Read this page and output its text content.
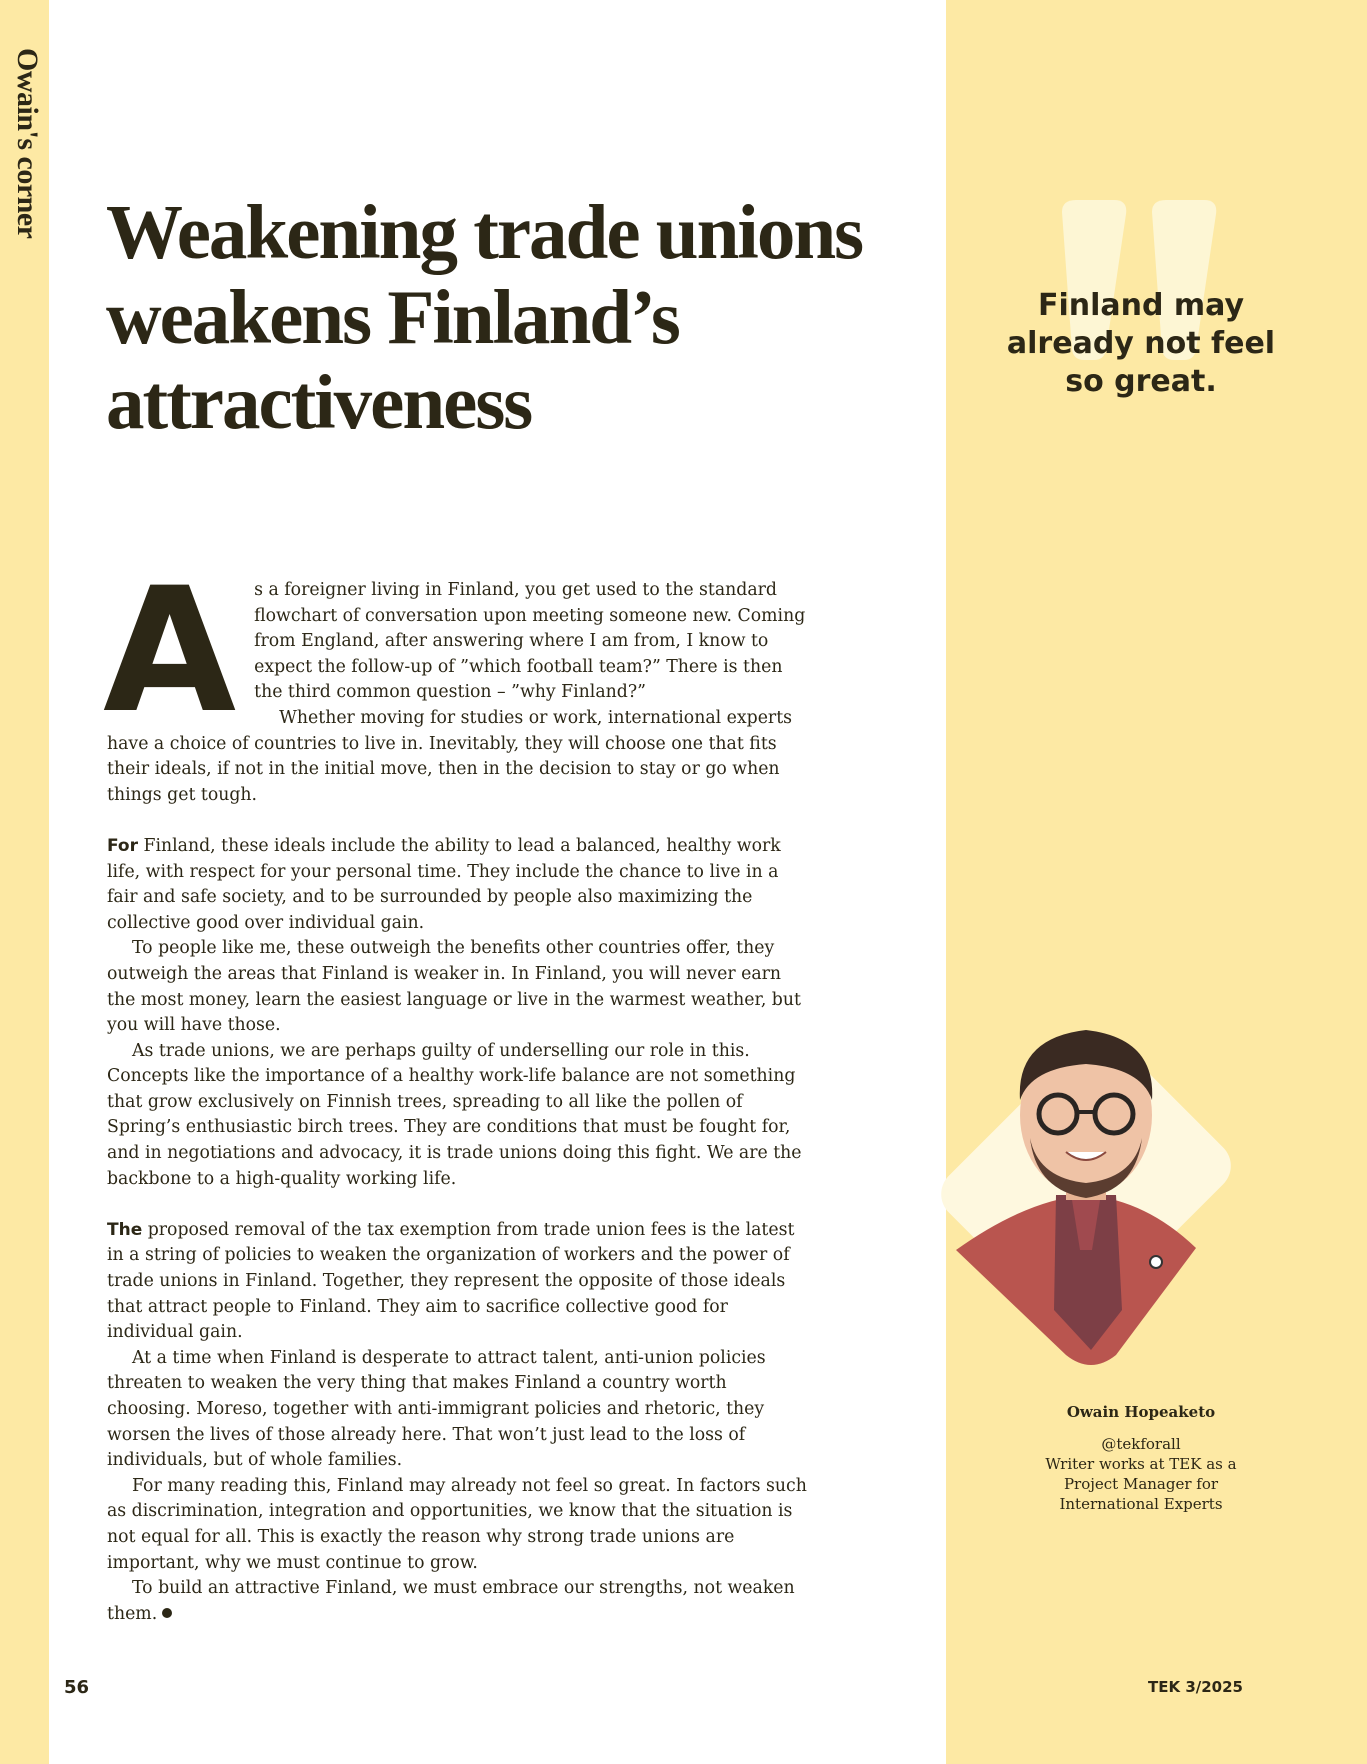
Owain's corner Weakening trade unions weakens Finland’s attractiveness
A	s a foreigner living in Finland, you get used to the standard flowchart of conversation upon meeting someone new. Coming from England, after answering where I am from, I know to expect the follow-up of ”which football team?” There is then the third common question – ”why Finland?”

Whether moving for studies or work, international experts have a choice of countries to live in. Inevitably, they will choose one that fits their ideals, if not in the initial move, then in the decision to stay or go when things get tough.

For Finland, these ideals include the ability to lead a balanced, healthy work life, with respect for your personal time. They include the chance to live in a fair and safe society, and to be surrounded by people also maximizing the collective good over individual gain.

To people like me, these outweigh the benefits other countries offer, they outweigh the areas that Finland is weaker in. In Finland, you will never earn the most money, learn the easiest language or live in the warmest weather, but you will have those.

As trade unions, we are perhaps guilty of underselling our role in this. Concepts like the importance of a healthy work-life balance are not something that grow exclusively on Finnish trees, spreading to all like the pollen of Spring’s enthusiastic birch trees. They are conditions that must be fought for, and in negotiations and advocacy, it is trade unions doing this fight. We are the backbone to a high-quality working life.

The proposed removal of the tax exemption from trade union fees is the latest in a string of policies to weaken the organization of workers and the power of trade unions in Finland. Together, they represent the opposite of those ideals that attract people to Finland. They aim to sacrifice collective good for individual gain.

At a time when Finland is desperate to attract talent, anti-union policies threaten to weaken the very thing that makes Finland a country worth choosing. Moreso, together with anti-immigrant policies and rhetoric, they worsen the lives of those already here. That won’t just lead to the loss of individuals, but of whole families.

For many reading this, Finland may already not feel so great. In factors such as discrimination, integration and opportunities, we know that the situation is not equal for all. This is exactly the reason why strong trade unions are important, why we must continue to grow.

To build an attractive Finland, we must embrace our strengths, not weaken them.

Finland may already not feel so great.

Owain Hopeaketo
@tekforall
Writer works at TEK as a
Project Manager for
International Experts
56	TEK 3/2025
